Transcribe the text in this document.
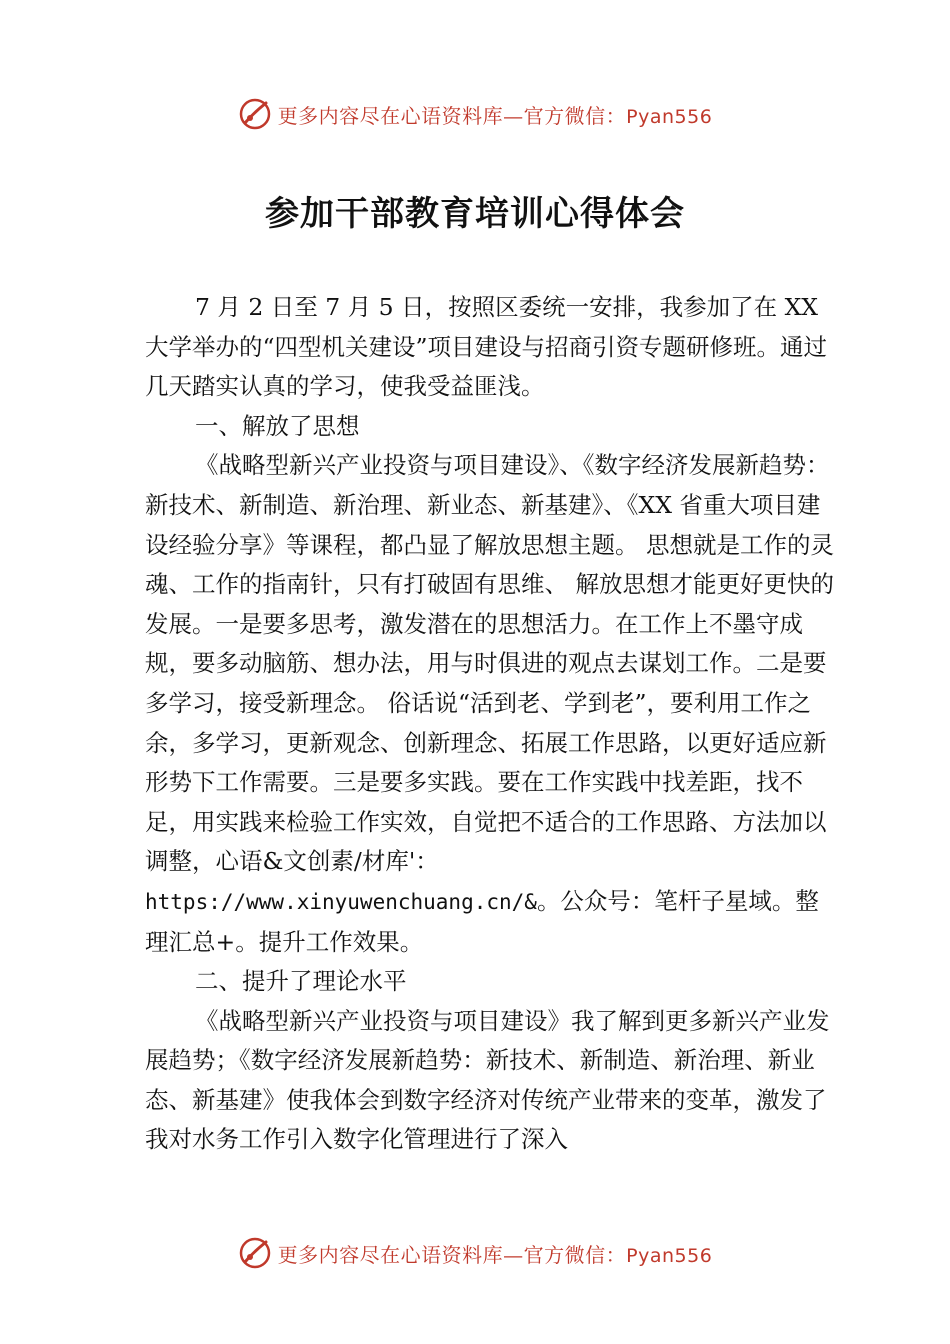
更多内容尽在心语资料库—官方微信：Pyan556
参加干部教育培训心得体会

7 月 2 日至 7 月 5 日，按照区委统一安排，我参加了在 XX 大学举办的“四型机关建设”项目建设与招商引资专题研修班。通过几天踏实认真的学习，使我受益匪浅。

一、解放了思想

《战略型新兴产业投资与项目建设》、《数字经济发展新趋势：新技术、新制造、新治理、新业态、新基建》、《XX 省重大项目建设经验分享》等课程，都凸显了解放思想主题。 思想就是工作的灵魂、工作的指南针，只有打破固有思维、 解放思想才能更好更快的发展。一是要多思考，激发潜在的思想活力。在工作上不墨守成规，要多动脑筋、想办法，用与时俱进的观点去谋划工作。二是要多学习，接受新理念。 俗话说“活到老、学到老”，要利用工作之余，多学习，更新观念、创新理念、拓展工作思路，以更好适应新形势下工作需要。三是要多实践。要在工作实践中找差距，找不足，用实践来检验工作实效，自觉把不适合的工作思路、方法加以调整，心语&文创素/材库'：https://www.xinyuwenchuang.cn/&。公众号：笔杆子星域。整理汇总+。提升工作效果。

二、提升了理论水平

《战略型新兴产业投资与项目建设》我了解到更多新兴产业发展趋势；《数字经济发展新趋势：新技术、新制造、新治理、新业态、新基建》使我体会到数字经济对传统产业带来的变革，激发了我对水务工作引入数字化管理进行了深入

更多内容尽在心语资料库—官方微信：Pyan556
